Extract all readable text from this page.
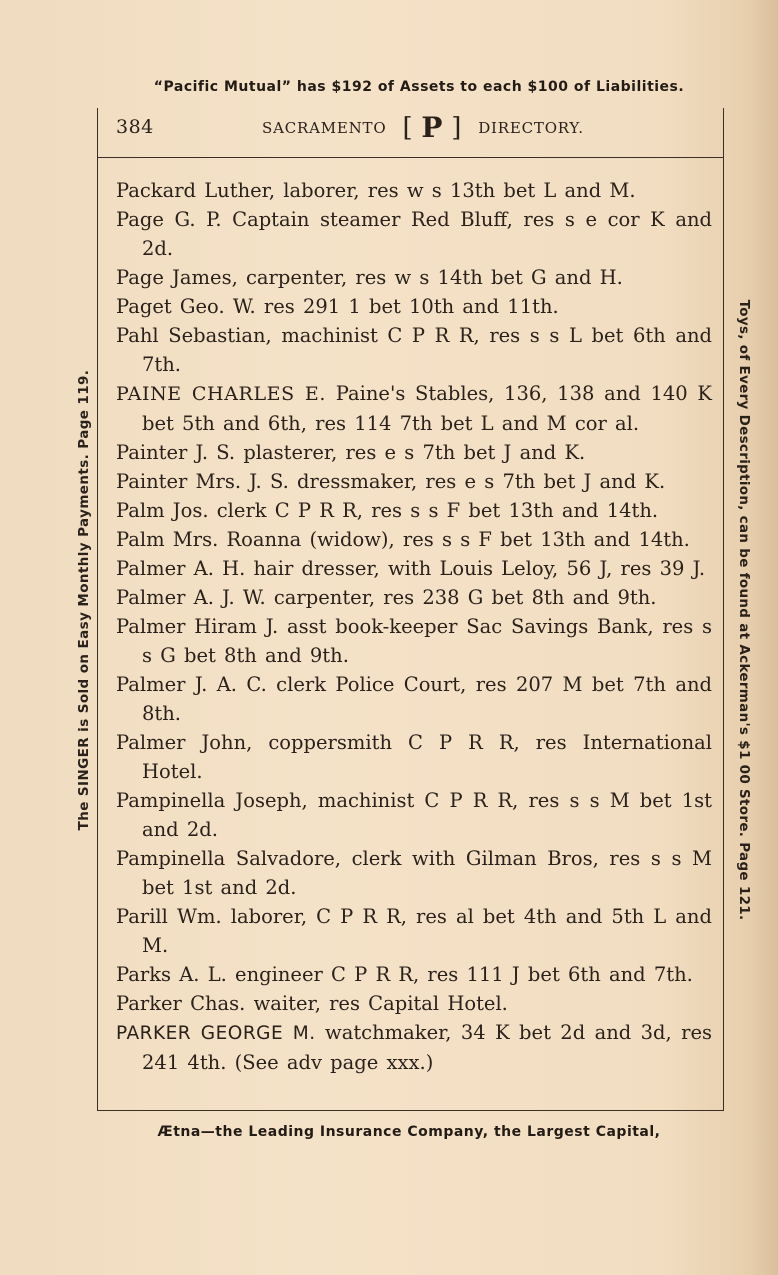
“Pacific Mutual” has $192 of Assets to each $100 of Liabilities.
The SINGER is Sold on Easy Monthly Payments. Page 119.	Toys, of Every Description, can be found at Ackerman's $1 00 Store. Page 121.
384	SACRAMENTO [ P ] DIRECTORY.

Packard Luther, laborer, res w s 13th bet L and M.

Page G. P. Captain steamer Red Bluff, res s e cor K and 2d.

Page James, carpenter, res w s 14th bet G and H.

Paget Geo. W. res 291 1 bet 10th and 11th.

Pahl Sebastian, machinist C P R R, res s s L bet 6th and 7th.

PAINE CHARLES E. Paine's Stables, 136, 138 and 140 K bet 5th and 6th, res 114 7th bet L and M cor al.

Painter J. S. plasterer, res e s 7th bet J and K.

Painter Mrs. J. S. dressmaker, res e s 7th bet J and K.

Palm Jos. clerk C P R R, res s s F bet 13th and 14th.

Palm Mrs. Roanna (widow), res s s F bet 13th and 14th.

Palmer A. H. hair dresser, with Louis Leloy, 56 J, res 39 J.

Palmer A. J. W. carpenter, res 238 G bet 8th and 9th.

Palmer Hiram J. asst book-keeper Sac Savings Bank, res s s G bet 8th and 9th.

Palmer J. A. C. clerk Police Court, res 207 M bet 7th and 8th.

Palmer John, coppersmith C P R R, res International Hotel.

Pampinella Joseph, machinist C P R R, res s s M bet 1st and 2d.

Pampinella Salvadore, clerk with Gilman Bros, res s s M bet 1st and 2d.

Parill Wm. laborer, C P R R, res al bet 4th and 5th L and M.

Parks A. L. engineer C P R R, res 111 J bet 6th and 7th.

Parker Chas. waiter, res Capital Hotel.

PARKER GEORGE M. watchmaker, 34 K bet 2d and 3d, res 241 4th. (See adv page xxx.)

Ætna—the Leading Insurance Company, the Largest Capital,
